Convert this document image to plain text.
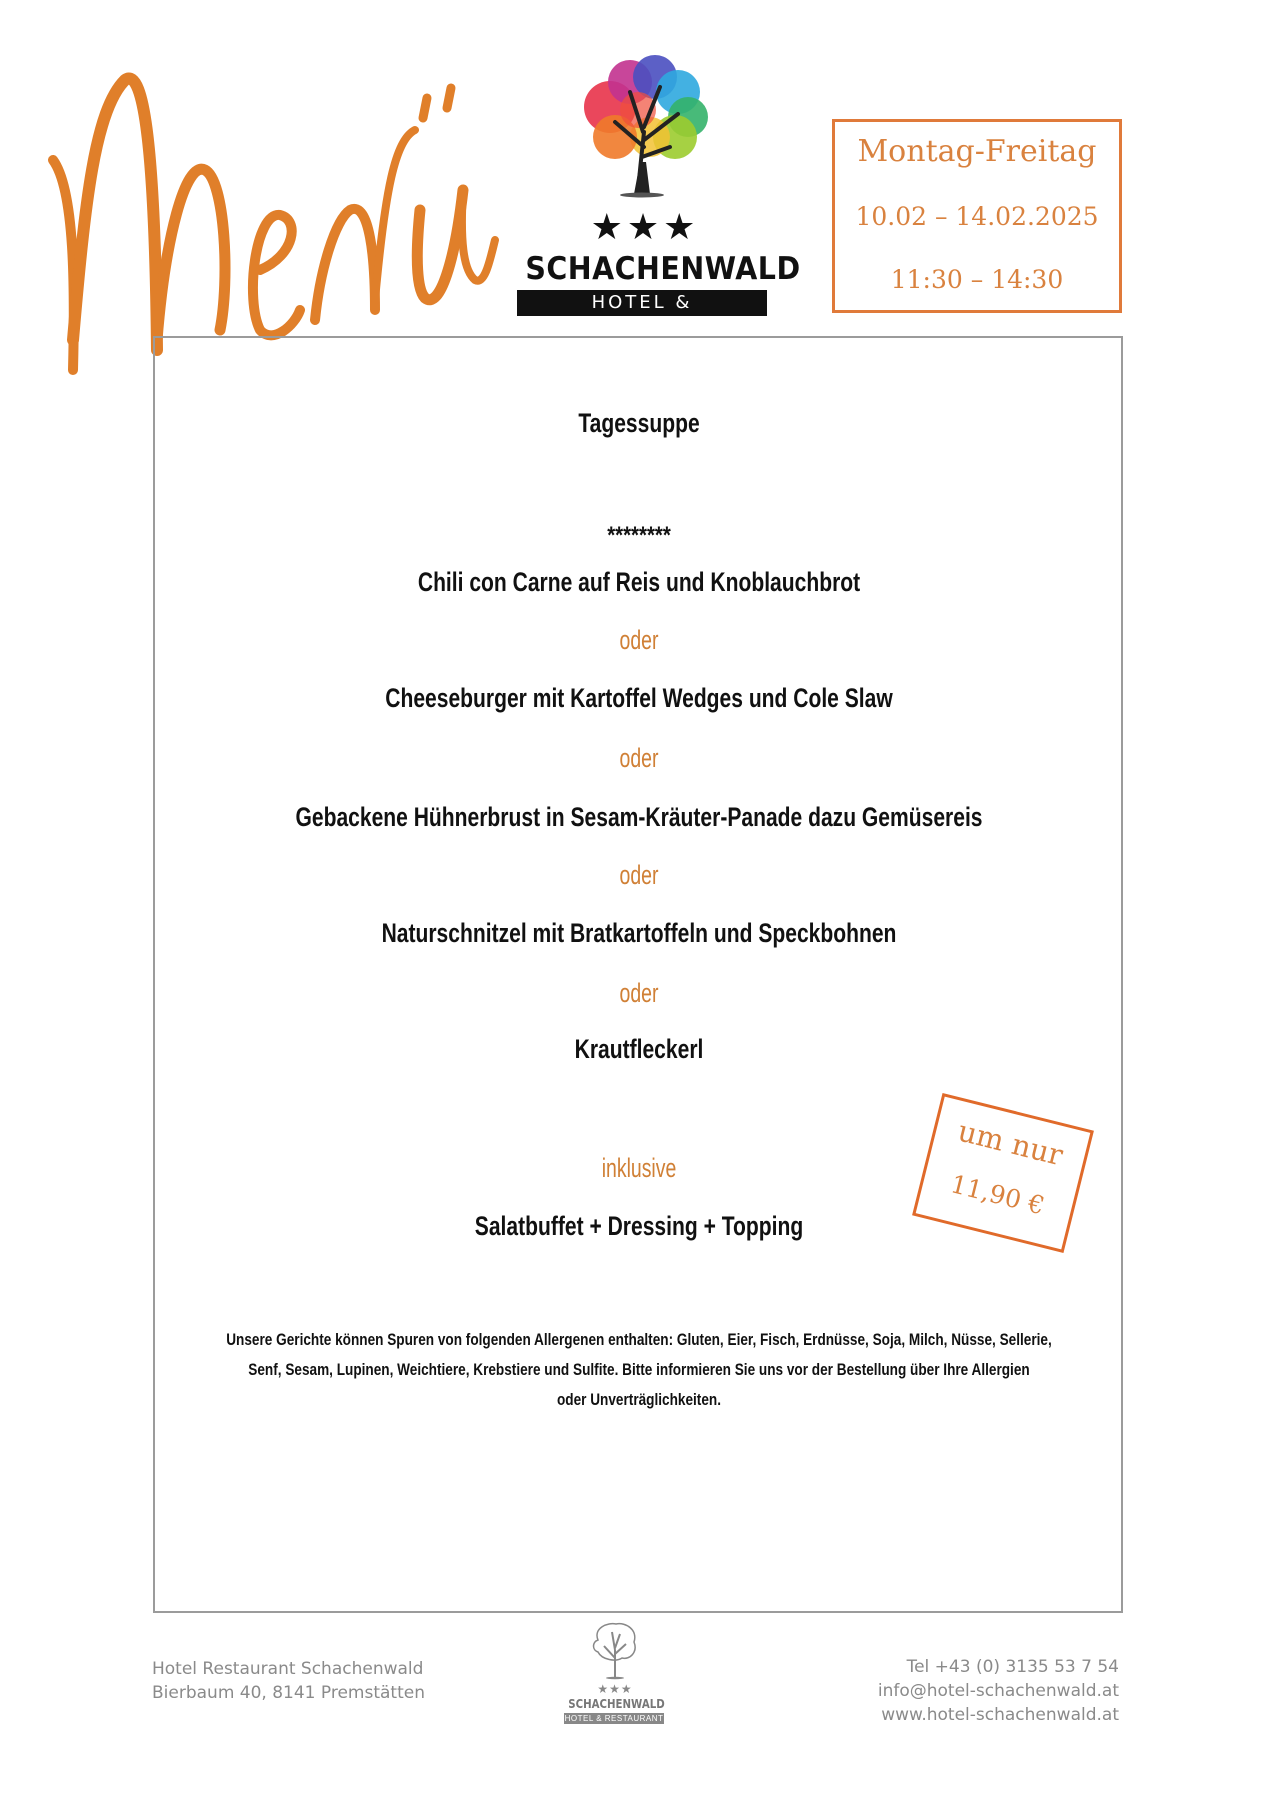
★★★
SCHACHENWALD
HOTEL & RESTAURANT
Montag-Freitag
10.02 – 14.02.2025
11:30 – 14:30
Tagessuppe
********
Chili con Carne auf Reis und Knoblauchbrot
oder
Cheeseburger mit Kartoffel Wedges und Cole Slaw
oder
Gebackene Hühnerbrust in Sesam-Kräuter-Panade dazu Gemüsereis
oder
Naturschnitzel mit Bratkartoffeln und Speckbohnen
oder
Krautfleckerl
inklusive
Salatbuffet + Dressing + Topping
um nur
11,90 €
Unsere Gerichte können Spuren von folgenden Allergenen enthalten: Gluten, Eier, Fisch, Erdnüsse, Soja, Milch, Nüsse, Sellerie,
Senf, Sesam, Lupinen, Weichtiere, Krebstiere und Sulfite. Bitte informieren Sie uns vor der Bestellung über Ihre Allergien
oder Unverträglichkeiten.
Hotel Restaurant Schachenwald
Bierbaum 40, 8141 Premstätten	★★★
SCHACHENWALD
HOTEL & RESTAURANT
Tel +43 (0) 3135 53 7 54
info@hotel-schachenwald.at
www.hotel-schachenwald.at
